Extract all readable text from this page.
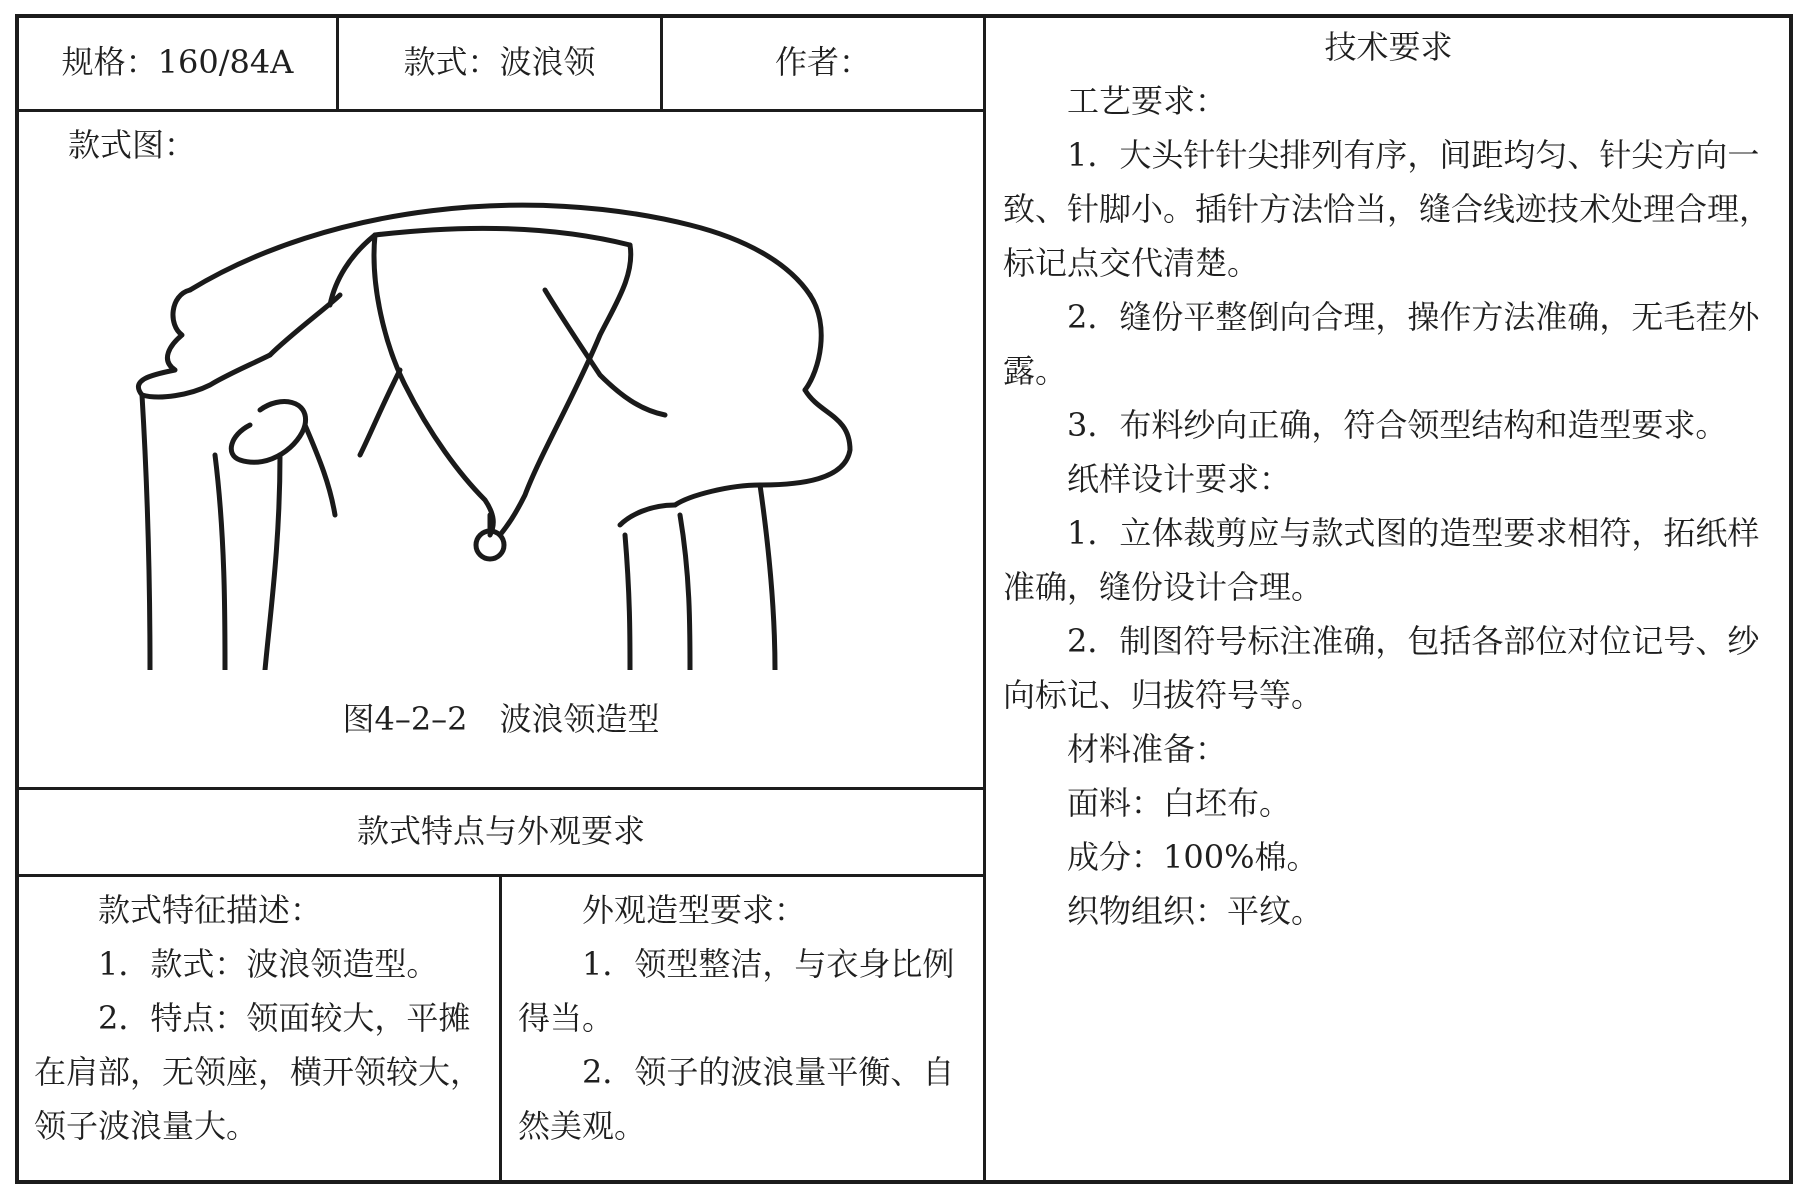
规格：160/84A	款式：波浪领	作者：
款式图：
图4–2–2　波浪领造型
款式特点与外观要求
款式特征描述：
1．款式：波浪领造型。
2．特点：领面较大，平摊在肩部，无领座，横开领较大，领子波浪量大。
外观造型要求：
1．领型整洁，与衣身比例得当。
2．领子的波浪量平衡、自然美观。
技术要求
工艺要求：
1．大头针针尖排列有序，间距均匀、针尖方向一致、针脚小。插针方法恰当，缝合线迹技术处理合理，标记点交代清楚。
2．缝份平整倒向合理，操作方法准确，无毛茬外露。
3．布料纱向正确，符合领型结构和造型要求。
纸样设计要求：
1．立体裁剪应与款式图的造型要求相符，拓纸样准确，缝份设计合理。
2．制图符号标注准确，包括各部位对位记号、纱向标记、归拔符号等。
材料准备：
面料：白坯布。
成分：100%棉。
织物组织：平纹。
